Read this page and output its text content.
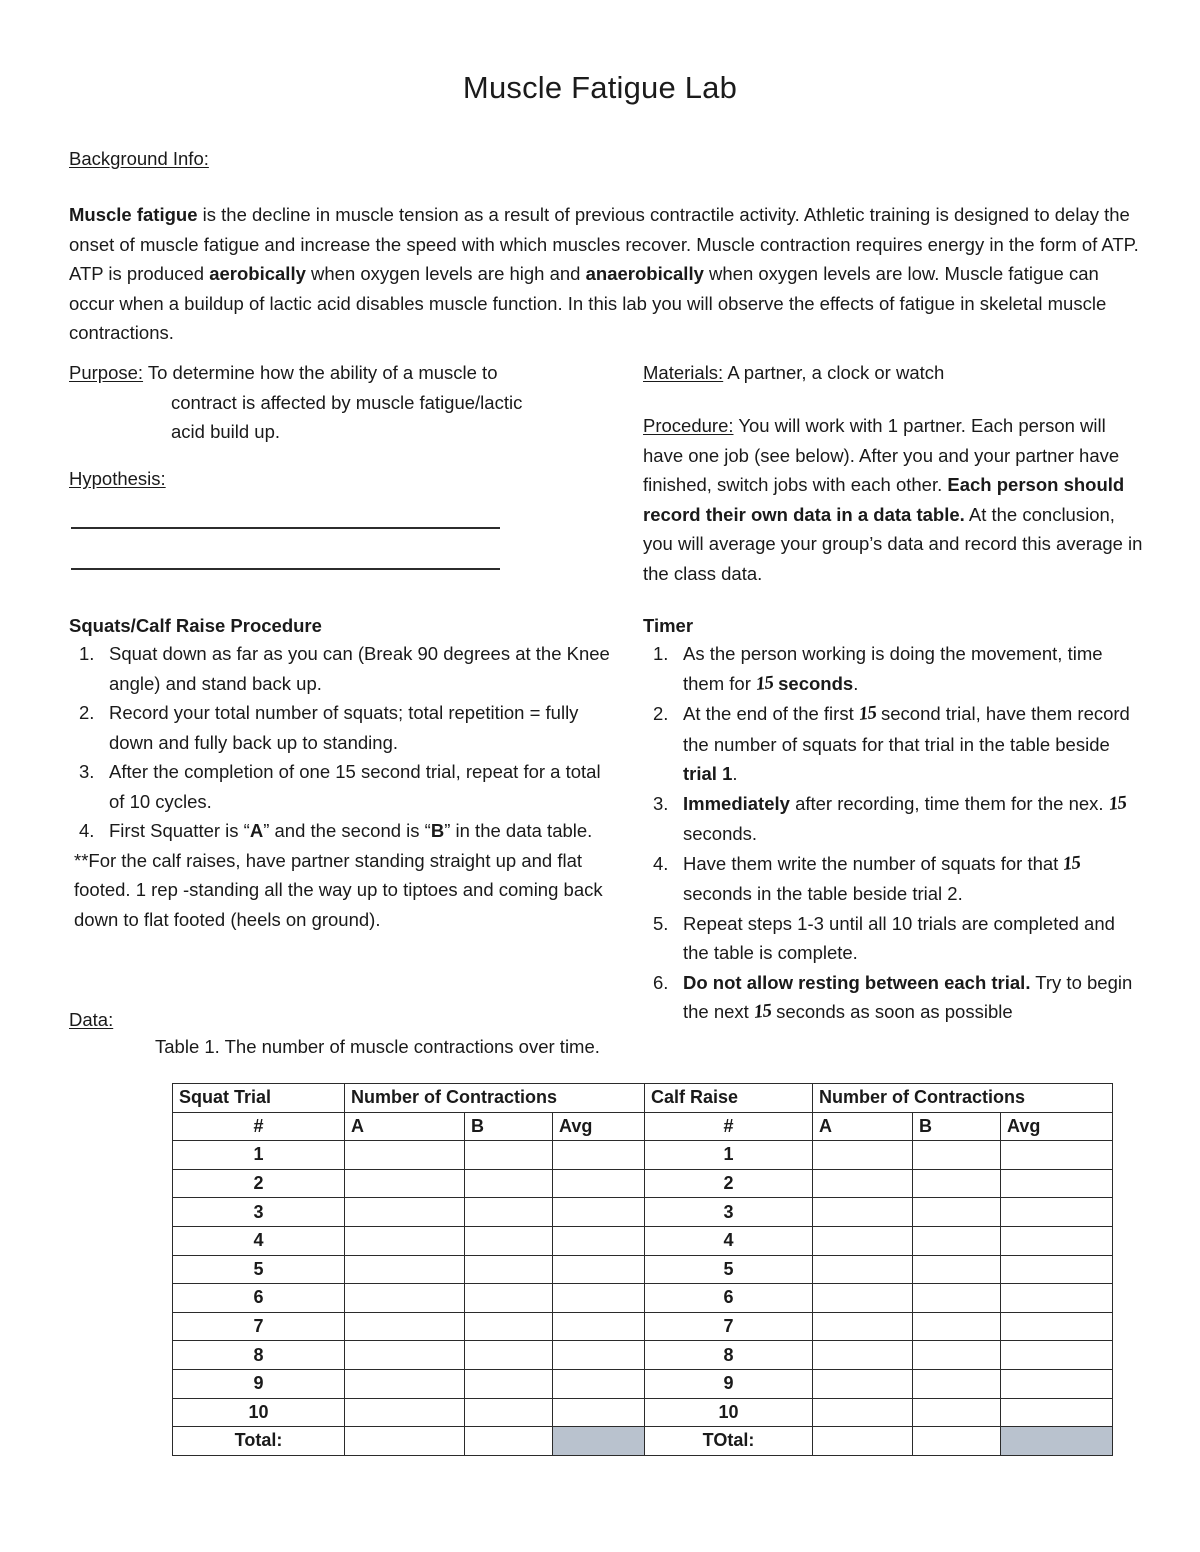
Muscle Fatigue Lab
Background Info:
Muscle fatigue is the decline in muscle tension as a result of previous contractile activity. Athletic training is designed to delay the onset of muscle fatigue and increase the speed with which muscles recover. Muscle contraction requires energy in the form of ATP. ATP is produced aerobically when oxygen levels are high and anaerobically when oxygen levels are low. Muscle fatigue can occur when a buildup of lactic acid disables muscle function. In this lab you will observe the effects of fatigue in skeletal muscle contractions.
Purpose: To determine how the ability of a muscle to
contract is affected by muscle fatigue/lactic
acid build up.
Hypothesis:
Materials: A partner, a clock or watch
Procedure: You will work with 1 partner. Each person will have one job (see below). After you and your partner have finished, switch jobs with each other. Each person should record their own data in a data table. At the conclusion, you will average your group’s data and record this average in the class data.
Squats/Calf Raise Procedure
1. Squat down as far as you can (Break 90 degrees at the Knee angle) and stand back up.
2. Record your total number of squats; total repetition = fully down and fully back up to standing.
3. After the completion of one 15 second trial, repeat for a total of 10 cycles.
4. First Squatter is “A” and the second is “B” in the data table.
**For the calf raises, have partner standing straight up and flat footed. 1 rep -standing all the way up to tiptoes and coming back down to flat footed (heels on ground).
Timer
1. As the person working is doing the movement, time them for 15 seconds.
2. At the end of the first 15 second trial, have them record the number of squats for that trial in the table beside trial 1.
3. Immediately after recording, time them for the nex. 15 seconds.
4. Have them write the number of squats for that 15 seconds in the table beside trial 2.
5. Repeat steps 1-3 until all 10 trials are completed and the table is complete.
6. Do not allow resting between each trial. Try to begin the next 15 seconds as soon as possible
Data:
Table 1. The number of muscle contractions over time.
Squat Trial	Number of Contractions			Calf Raise	Number of Contractions		
#	A	B	Avg	#	A	B	Avg
1				1			
2				2			
3				3			
4				4			
5				5			
6				6			
7				7			
8				8			
9				9			
10				10			
Total:				TOtal:			
